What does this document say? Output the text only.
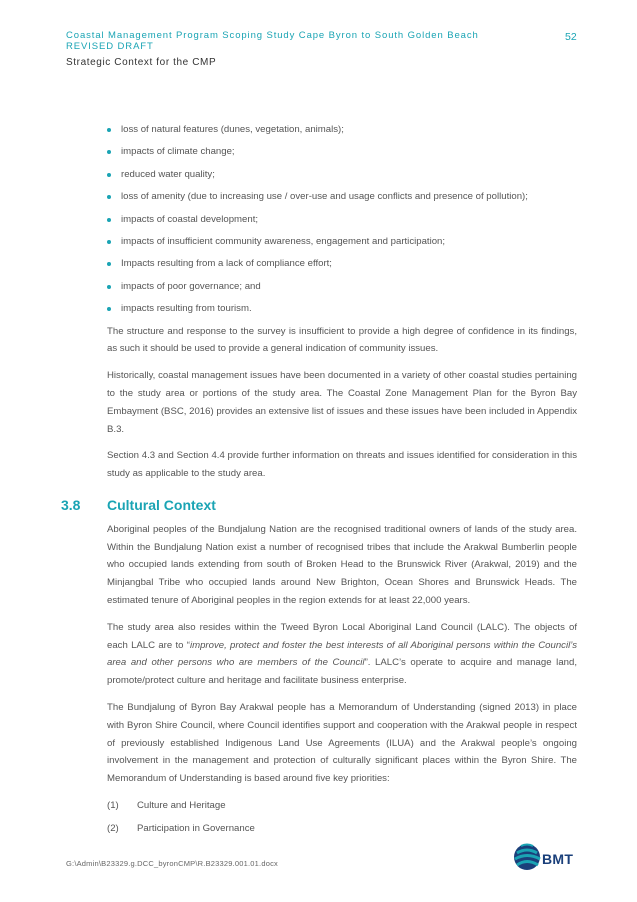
Coastal Management Program Scoping Study Cape Byron to South Golden Beach REVISED DRAFT
Strategic Context for the CMP
52
loss of natural features (dunes, vegetation, animals);
impacts of climate change;
reduced water quality;
loss of amenity (due to increasing use / over-use and usage conflicts and presence of pollution);
impacts of coastal development;
impacts of insufficient community awareness, engagement and participation;
Impacts resulting from a lack of compliance effort;
impacts of poor governance; and
impacts resulting from tourism.

The structure and response to the survey is insufficient to provide a high degree of confidence in its findings, as such it should be used to provide a general indication of community issues.

Historically, coastal management issues have been documented in a variety of other coastal studies pertaining to the study area or portions of the study area. The Coastal Zone Management Plan for the Byron Bay Embayment (BSC, 2016) provides an extensive list of issues and these issues have been included in Appendix B.3.

Section 4.3 and Section 4.4 provide further information on threats and issues identified for consideration in this study as applicable to the study area.

3.8 Cultural Context

Aboriginal peoples of the Bundjalung Nation are the recognised traditional owners of lands of the study area. Within the Bundjalung Nation exist a number of recognised tribes that include the Arakwal Bumberlin people who occupied lands extending from south of Broken Head to the Brunswick River (Arakwal, 2019) and the Minjangbal Tribe who occupied lands around New Brighton, Ocean Shores and Brunswick Heads. The estimated tenure of Aboriginal peoples in the region extends for at least 22,000 years.

The study area also resides within the Tweed Byron Local Aboriginal Land Council (LALC). The objects of each LALC are to “improve, protect and foster the best interests of all Aboriginal persons within the Council’s area and other persons who are members of the Council”. LALC’s operate to acquire and manage land, promote/protect culture and heritage and facilitate business enterprise.

The Bundjalung of Byron Bay Arakwal people has a Memorandum of Understanding (signed 2013) in place with Byron Shire Council, where Council identifies support and cooperation with the Arakwal people in respect of previously established Indigenous Land Use Agreements (ILUA) and the Arakwal people’s ongoing involvement in the management and protection of culturally significant places within the Byron Shire. The Memorandum of Understanding is based around five key priorities:

(1) Culture and Heritage
(2) Participation in Governance
G:\Admin\B23329.g.DCC_byronCMP\R.B23329.001.01.docx	BMT
